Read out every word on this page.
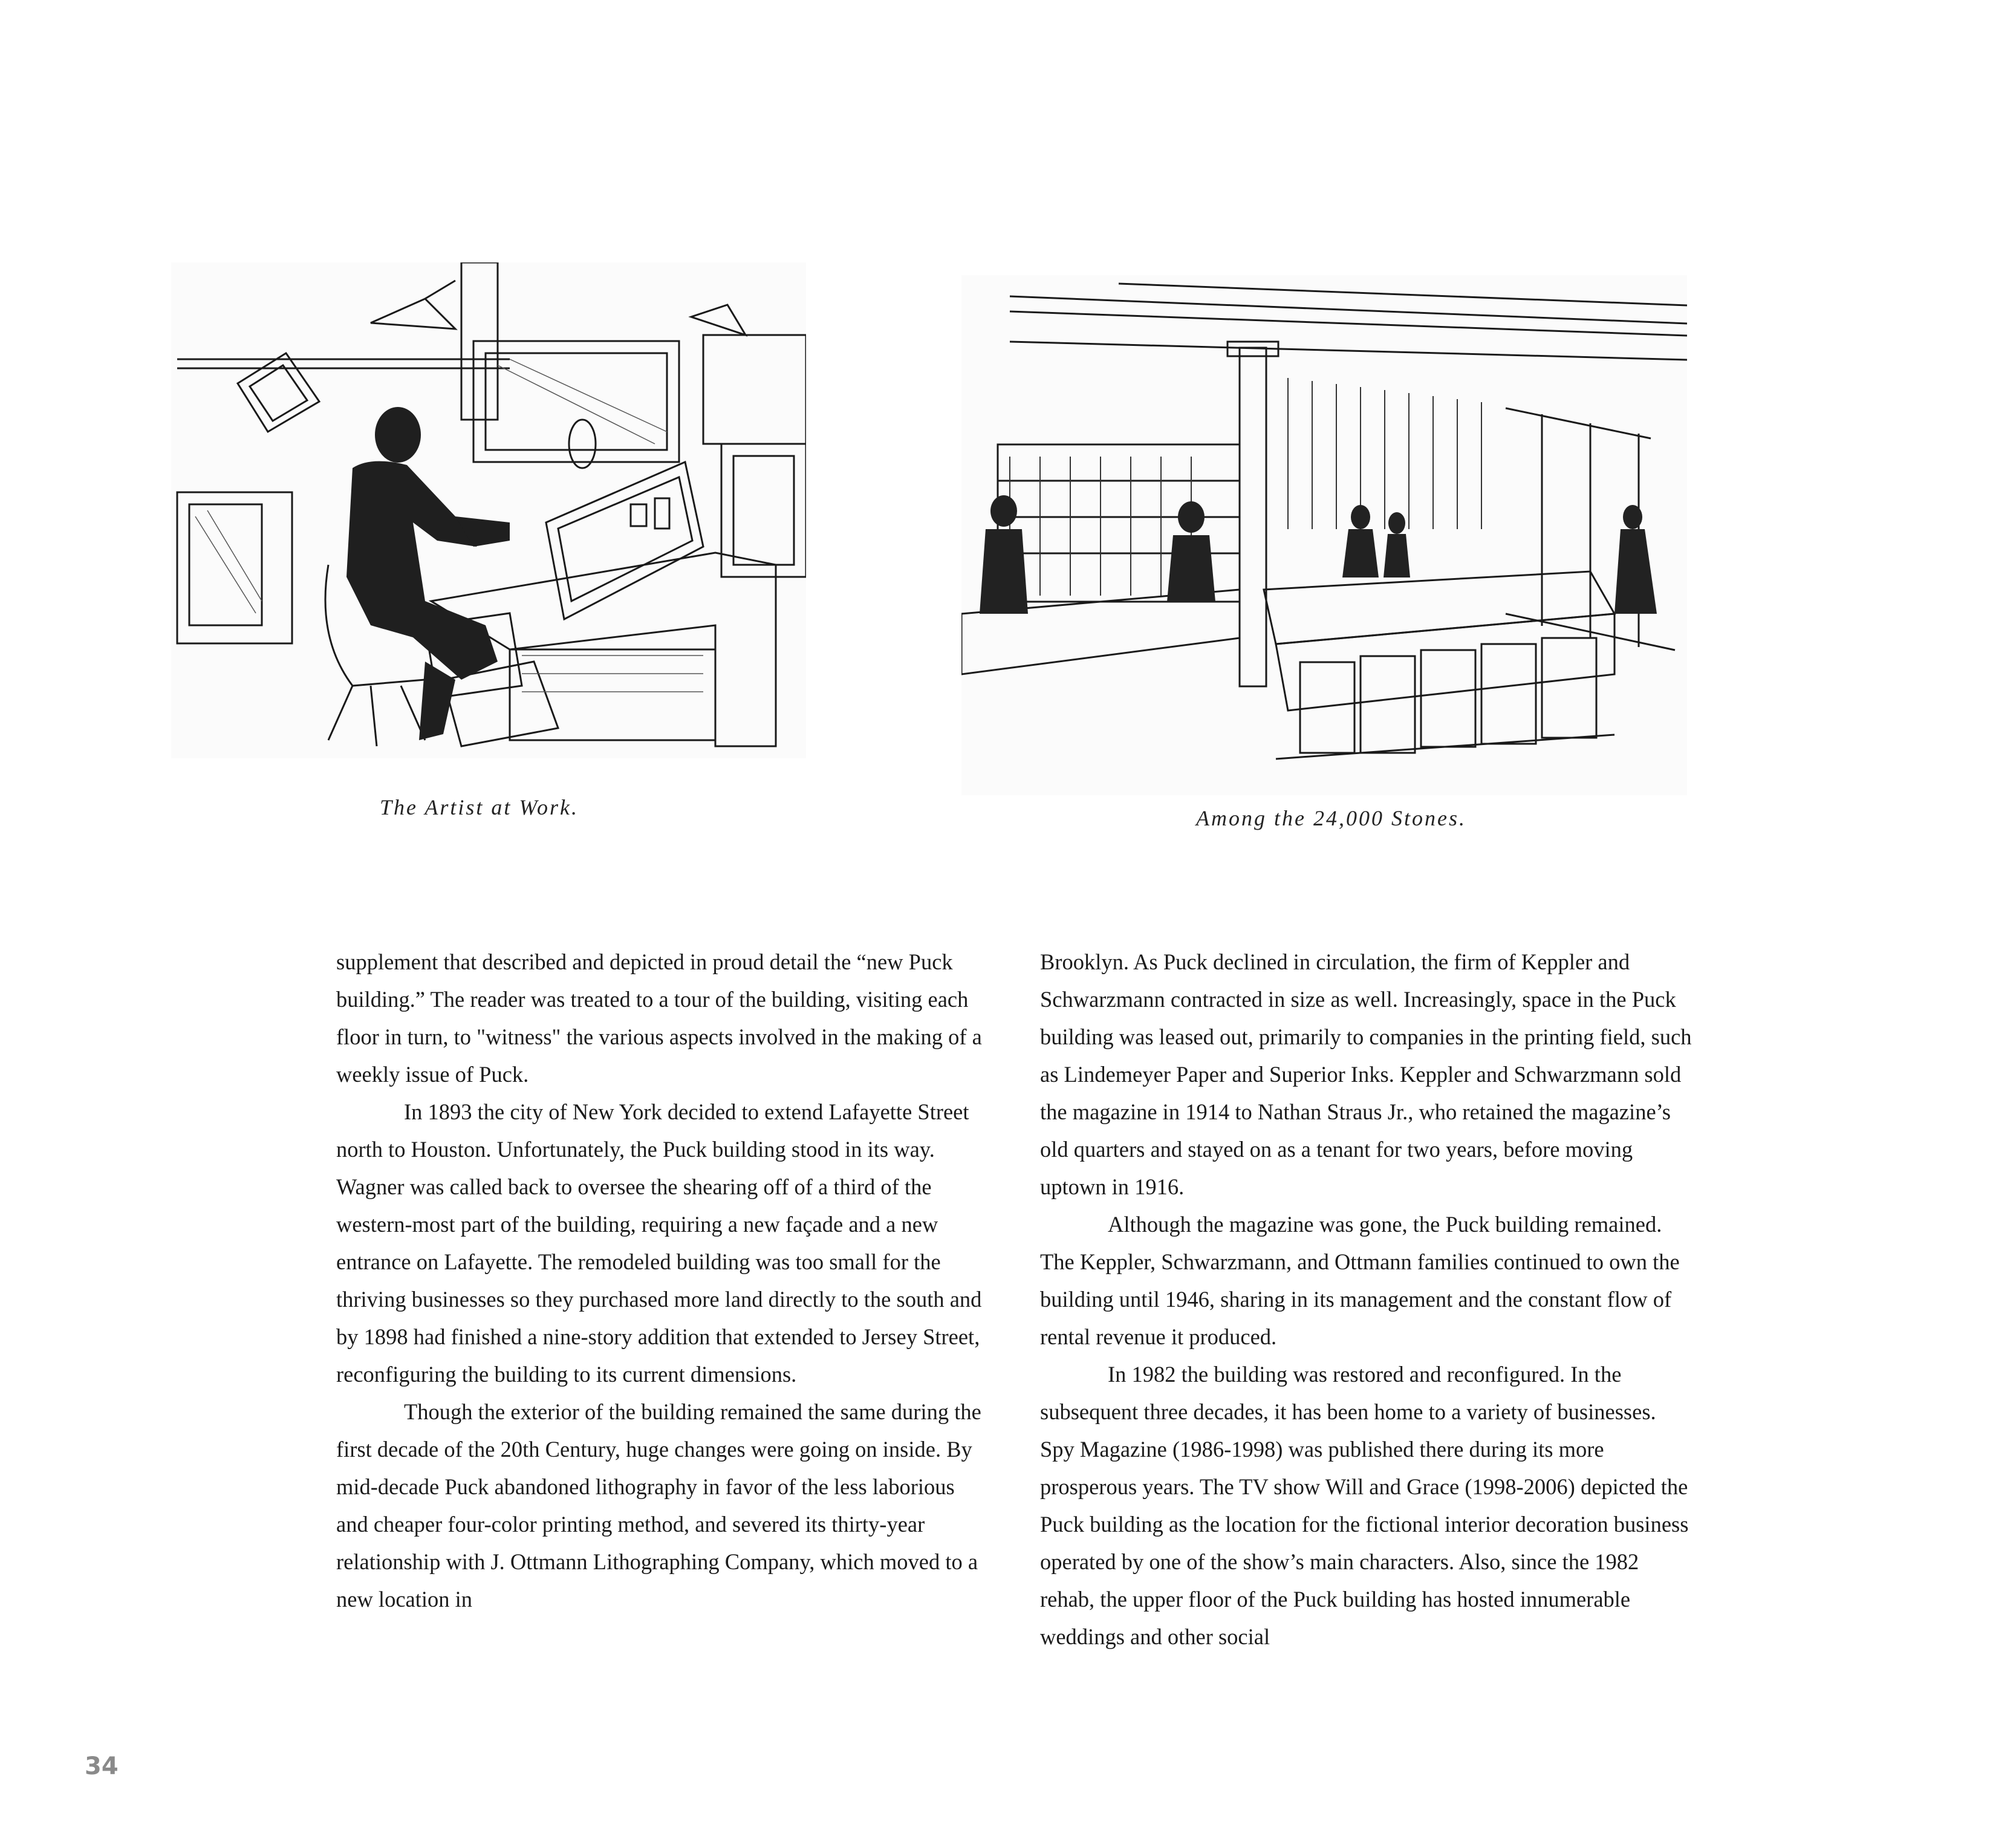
The Artist at Work.	Among the 24,000 Stones.

supplement that described and depicted in proud detail the “new Puck building.” The reader was treated to a tour of the building, visiting each floor in turn, to "witness" the various aspects involved in the making of a weekly issue of Puck.

In 1893 the city of New York decided to extend Lafayette Street north to Houston. Unfortunately, the Puck building stood in its way. Wagner was called back to oversee the shearing off of a third of the western-most part of the building, requiring a new façade and a new entrance on Lafayette. The remodeled building was too small for the thriving businesses so they purchased more land directly to the south and by 1898 had finished a nine-story addition that extended to Jersey Street, reconfiguring the building to its current dimensions.

Though the exterior of the building remained the same during the first decade of the 20th Century, huge changes were going on inside. By mid-decade Puck abandoned lithography in favor of the less laborious and cheaper four-color printing method, and severed its thirty-year relationship with J. Ottmann Lithographing Company, which moved to a new location in

Brooklyn. As Puck declined in circulation, the firm of Keppler and Schwarzmann contracted in size as well. Increasingly, space in the Puck building was leased out, primarily to companies in the printing field, such as Lindemeyer Paper and Superior Inks. Keppler and Schwarzmann sold the magazine in 1914 to Nathan Straus Jr., who retained the magazine’s old quarters and stayed on as a tenant for two years, before moving uptown in 1916.

Although the magazine was gone, the Puck building remained. The Keppler, Schwarzmann, and Ottmann families continued to own the building until 1946, sharing in its management and the constant flow of rental revenue it produced.

In 1982 the building was restored and reconfigured. In the subsequent three decades, it has been home to a variety of businesses. Spy Magazine (1986-1998) was published there during its more prosperous years. The TV show Will and Grace (1998-2006) depicted the Puck building as the location for the fictional interior decoration business operated by one of the show’s main characters. Also, since the 1982 rehab, the upper floor of the Puck building has hosted innumerable weddings and other social

34
